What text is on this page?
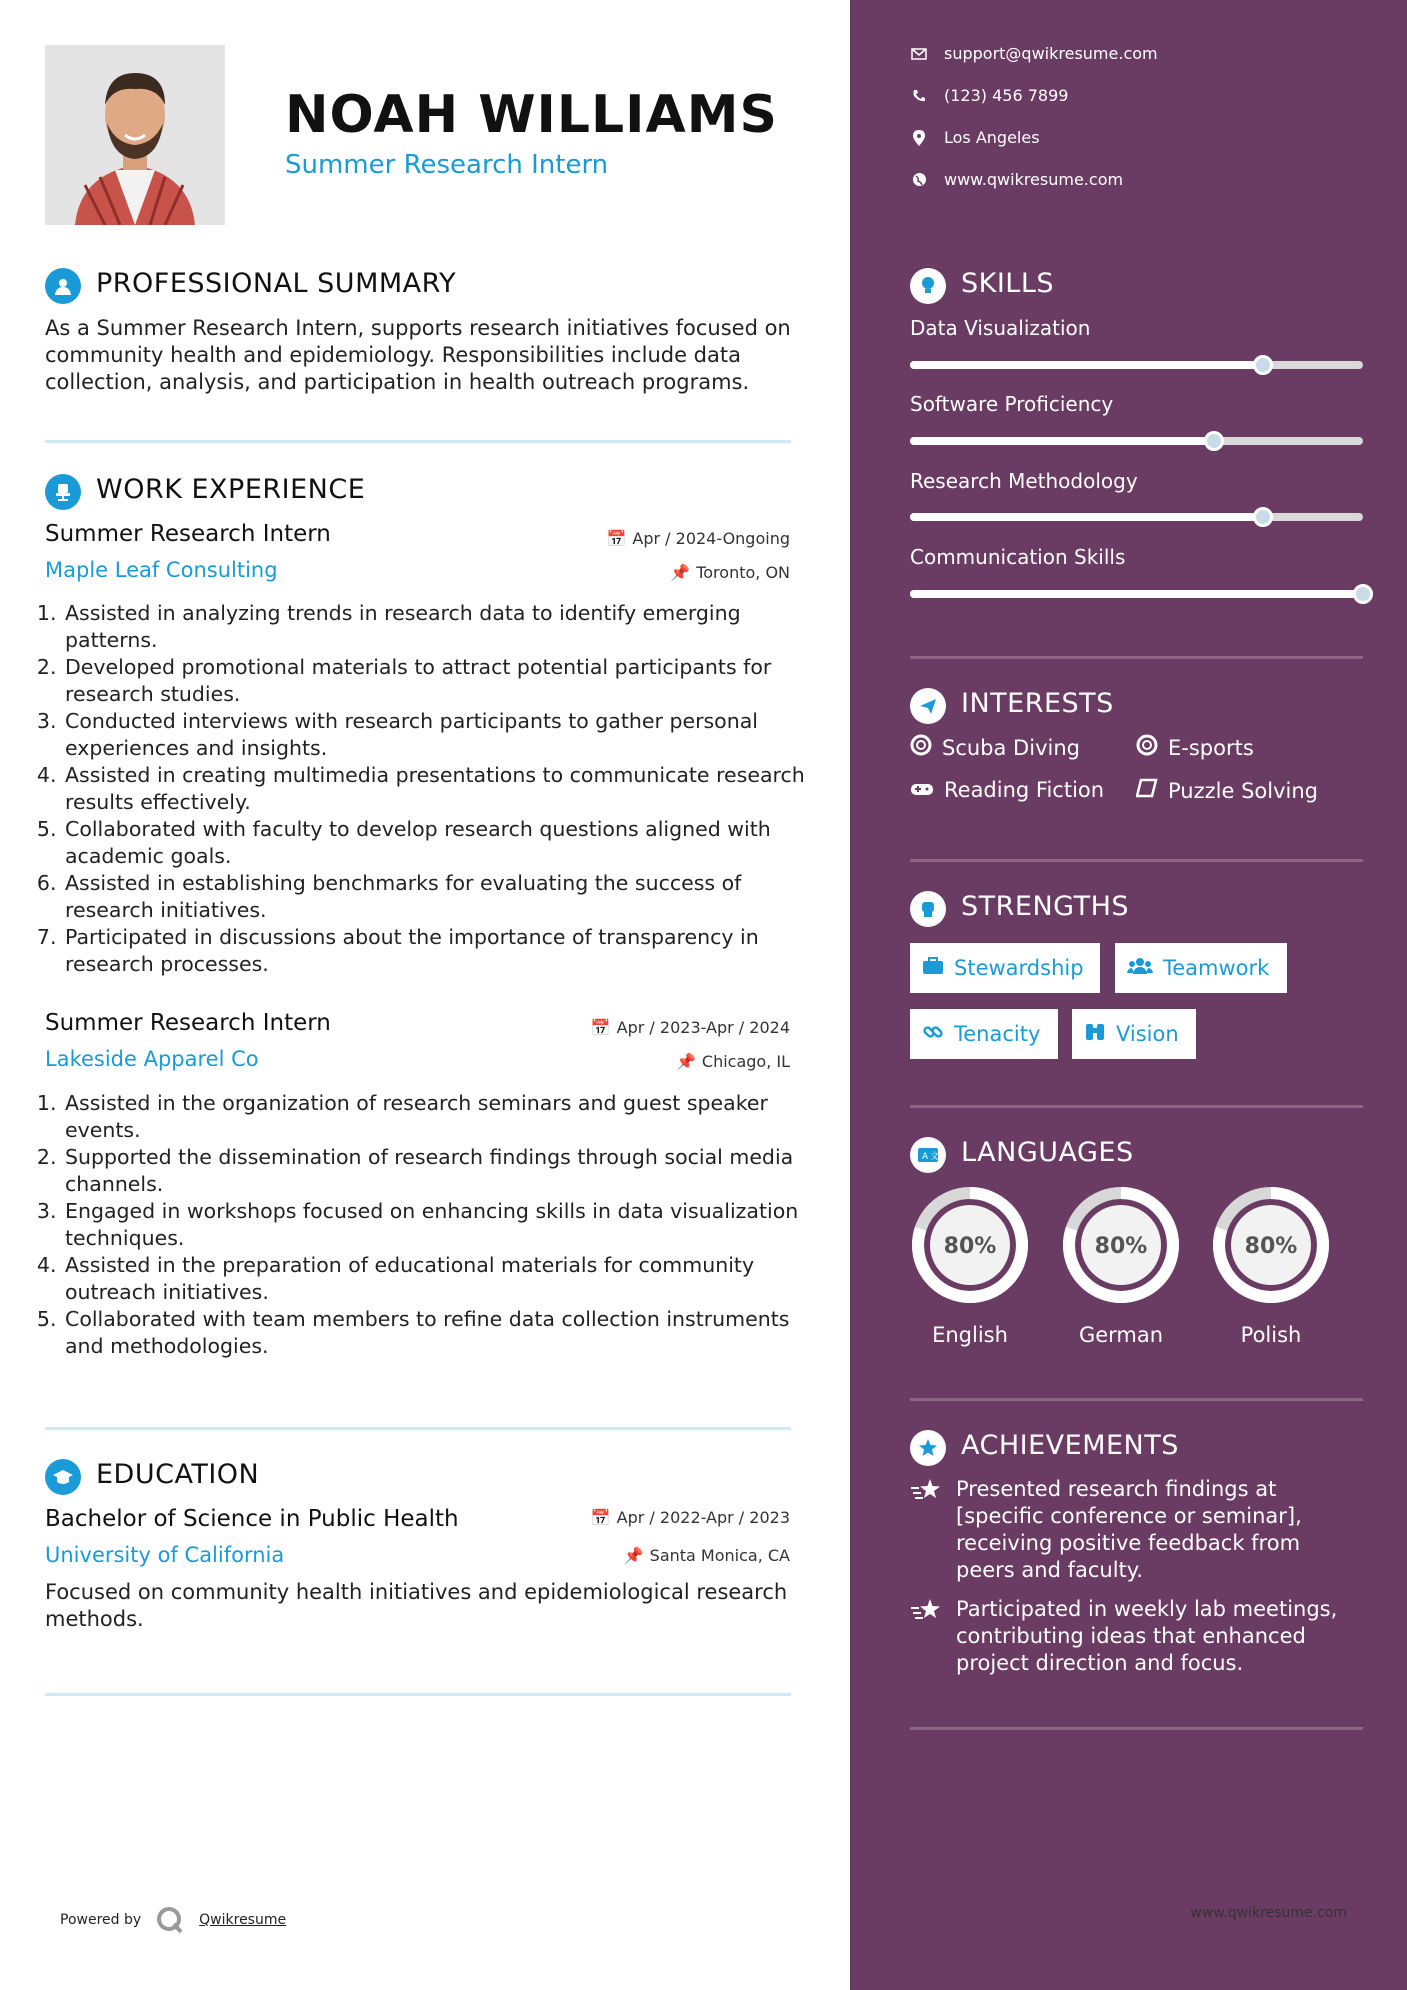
NOAH WILLIAMS
Summer Research Intern
PROFESSIONAL SUMMARY
As a Summer Research Intern, supports research initiatives focused on community health and epidemiology. Responsibilities include data collection, analysis, and participation in health outreach programs.
WORK EXPERIENCE
Summer Research Intern	📅 Apr / 2024-Ongoing
Maple Leaf Consulting	📌 Toronto, ON
1. Assisted in analyzing trends in research data to identify emerging patterns.
2. Developed promotional materials to attract potential participants for research studies.
3. Conducted interviews with research participants to gather personal experiences and insights.
4. Assisted in creating multimedia presentations to communicate research results effectively.
5. Collaborated with faculty to develop research questions aligned with academic goals.
6. Assisted in establishing benchmarks for evaluating the success of research initiatives.
7. Participated in discussions about the importance of transparency in research processes.
Summer Research Intern	📅 Apr / 2023-Apr / 2024
Lakeside Apparel Co	📌 Chicago, IL
1. Assisted in the organization of research seminars and guest speaker events.
2. Supported the dissemination of research findings through social media channels.
3. Engaged in workshops focused on enhancing skills in data visualization techniques.
4. Assisted in the preparation of educational materials for community outreach initiatives.
5. Collaborated with team members to refine data collection instruments and methodologies.
EDUCATION
Bachelor of Science in Public Health	📅 Apr / 2022-Apr / 2023
University of California	📌 Santa Monica, CA
Focused on community health initiatives and epidemiological research methods.
Powered by	Qwikresume
support@qwikresume.com
(123) 456 7899
Los Angeles
www.qwikresume.com
SKILLS
Data Visualization
Software Proficiency
Research Methodology
Communication Skills
INTERESTS
Scuba Diving	E-sports
Reading Fiction	Puzzle Solving
STRENGTHS
Stewardship	Teamwork
Tenacity	Vision
A 文 LANGUAGES
80%
English
80%
German
80%
Polish
ACHIEVEMENTS
Presented research findings at [specific conference or seminar], receiving positive feedback from peers and faculty.
Participated in weekly lab meetings, contributing ideas that enhanced project direction and focus.
www.qwikresume.com
